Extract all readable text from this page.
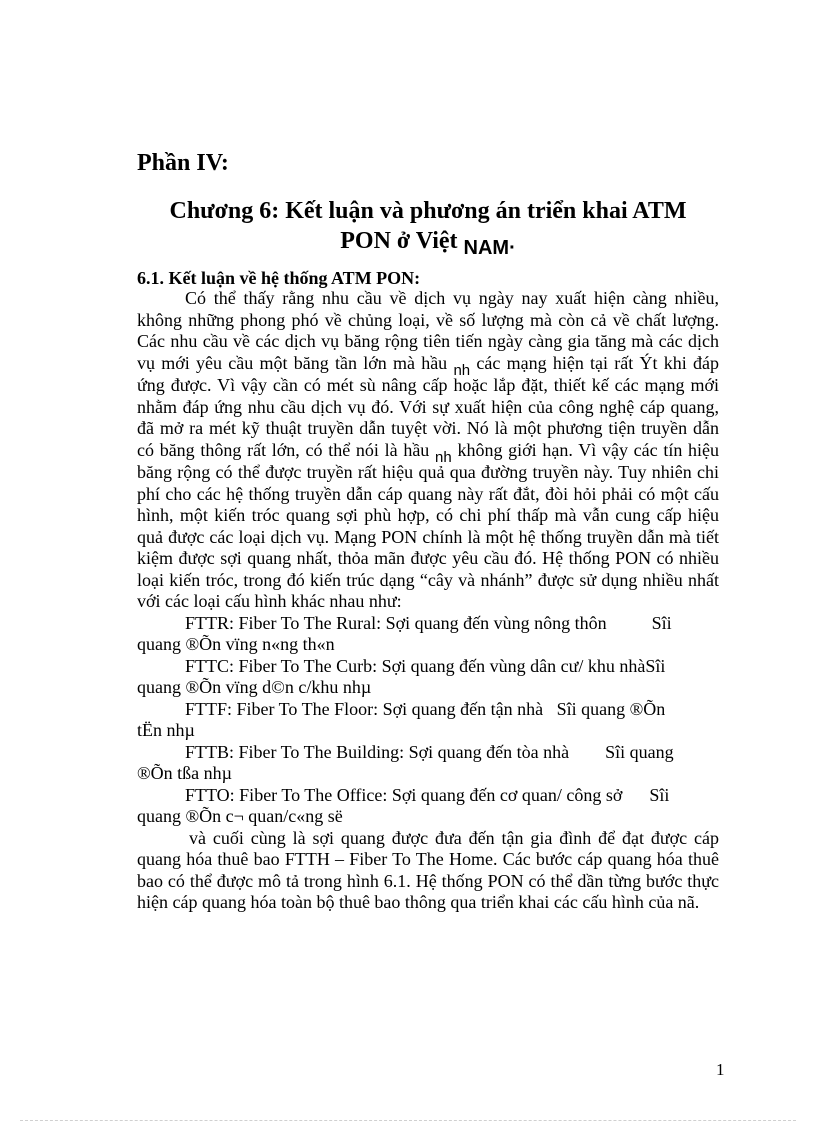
Phần IV:
Chương 6: Kết luận và phương án triển khai ATM
PON ở Việt $_{NAM\cdot}$
6.1. Kết luận về hệ thống ATM PON:

Có thể thấy rằng nhu cầu về dịch vụ ngày nay xuất hiện càng nhiều, không những phong phó về chủng loại, về số lượng mà còn cả về chất lượng. Các nhu cầu về các dịch vụ băng rộng tiên tiến ngày càng gia tăng mà các dịch vụ mới yêu cầu một băng tần lớn mà hầu $_{nh}$ các mạng hiện tại rất Ýt khi đáp ứng được. Vì vậy cần có mét sù nâng cấp hoặc lắp đặt, thiết kế các mạng mới nhằm đáp ứng nhu cầu dịch vụ đó. Với sự xuất hiện của công nghệ cáp quang, đã mở ra mét kỹ thuật truyền dẫn tuyệt vời. Nó là một phương tiện truyền dẫn có băng thông rất lớn, có thể nói là hầu $_{nh}$ không giới hạn. Vì vậy các tín hiệu băng rộng có thể được truyền rất hiệu quả qua đường truyền này. Tuy nhiên chi phí cho các hệ thống truyền dẫn cáp quang này rất đắt, đòi hỏi phải có một cấu hình, một kiến tróc quang sợi phù hợp, có chi phí thấp mà vẫn cung cấp hiệu quả được các loại dịch vụ. Mạng PON chính là một hệ thống truyền dẫn mà tiết kiệm được sợi quang nhất, thỏa mãn được yêu cầu đó. Hệ thống PON có nhiều loại kiến tróc, trong đó kiến trúc dạng “cây và nhánh” được sử dụng nhiều nhất với các loại cấu hình khác nhau như:

FTTR: Fiber To The Rural: Sợi quang đến vùng nông thôn	Sîi

quang ®Õn vïng n«ng th«n

FTTC: Fiber To The Curb: Sợi quang đến vùng dân cư/ khu nhàSîi

quang ®Õn vïng d©n c/khu nhµ

FTTF: Fiber To The Floor: Sợi quang đến tận nhà Sîi quang ®Õn

tËn nhµ

FTTB: Fiber To The Building: Sợi quang đến tòa nhà Sîi quang

®Õn tßa nhµ

FTTO: Fiber To The Office: Sợi quang đến cơ quan/ công sở Sîi

quang ®Õn c¬ quan/c«ng së

và cuối cùng là sợi quang được đưa đến tận gia đình để đạt được cáp quang hóa thuê bao FTTH – Fiber To The Home. Các bước cáp quang hóa thuê bao có thể được mô tả trong hình 6.1. Hệ thống PON có thể dần từng bước thực hiện cáp quang hóa toàn bộ thuê bao thông qua triển khai các cấu hình của nã.

1
